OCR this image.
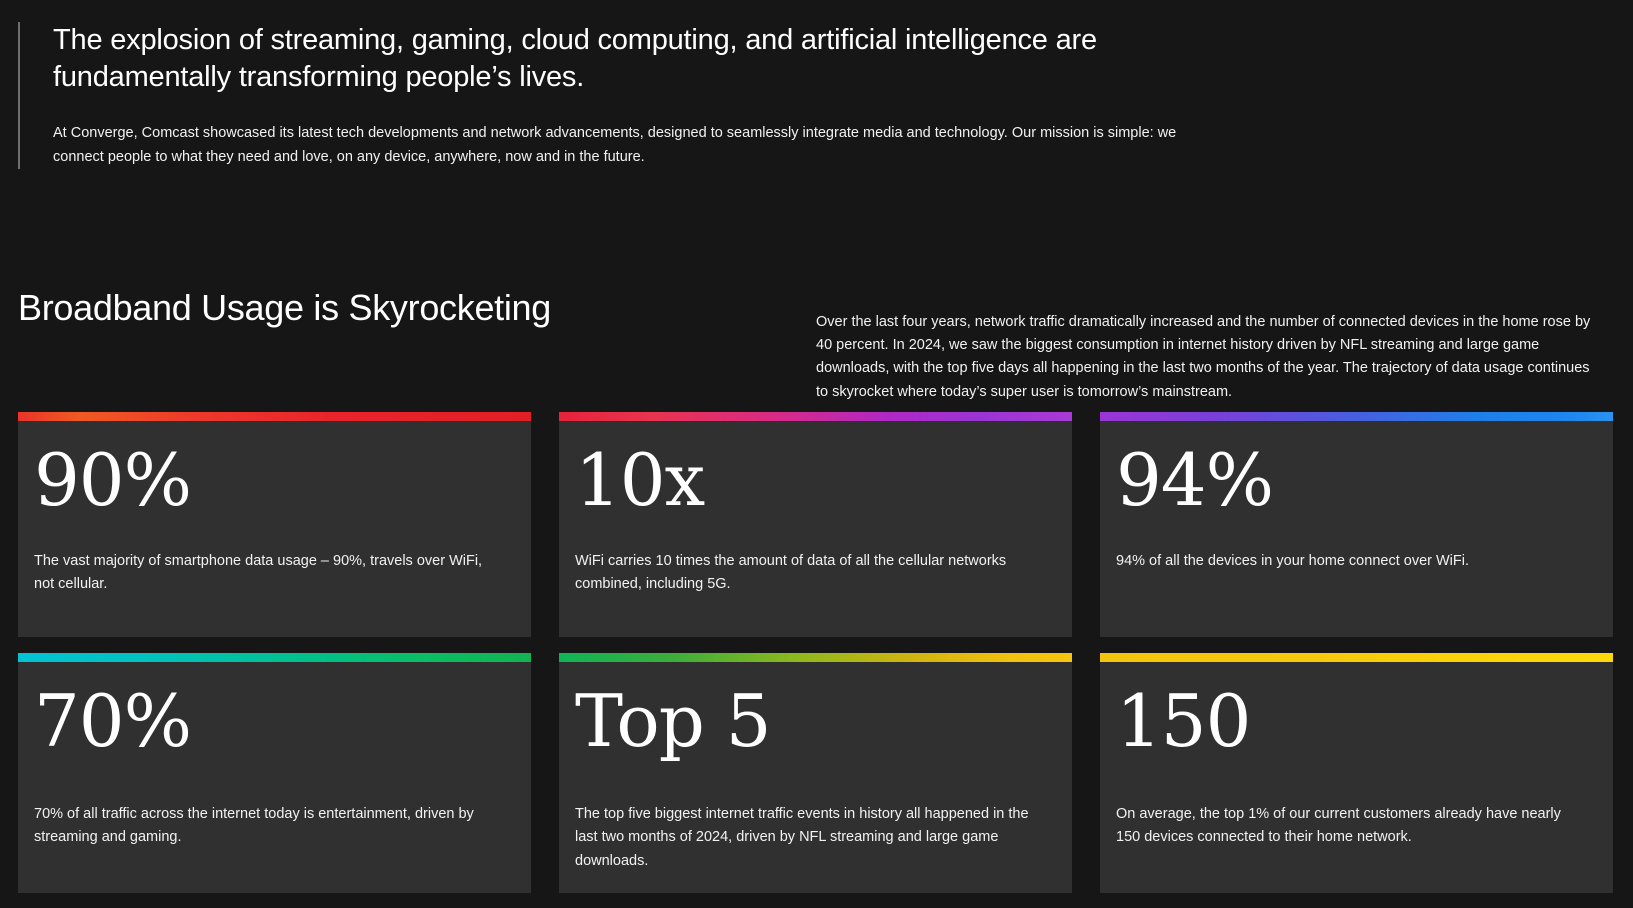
The explosion of streaming, gaming, cloud computing, and artificial intelligence are fundamentally transforming people’s lives.

At Converge, Comcast showcased its latest tech developments and network advancements, designed to seamlessly integrate media and technology. Our mission is simple: we connect people to what they need and love, on any device, anywhere, now and in the future.

Broadband Usage is Skyrocketing	Over the last four years, network traffic dramatically increased and the number of connected devices in the home rose by 40 percent. In 2024, we saw the biggest consumption in internet history driven by NFL streaming and large game downloads, with the top five days all happening in the last two months of the year. The trajectory of data usage continues to skyrocket where today’s super user is tomorrow’s mainstream.

90%

The vast majority of smartphone data usage – 90%, travels over WiFi, not cellular.

10x

WiFi carries 10 times the amount of data of all the cellular networks combined, including 5G.

94%

94% of all the devices in your home connect over WiFi.

70%

70% of all traffic across the internet today is entertainment, driven by streaming and gaming.

Top 5

The top five biggest internet traffic events in history all happened in the last two months of 2024, driven by NFL streaming and large game downloads.

150

On average, the top 1% of our current customers already have nearly 150 devices connected to their home network.
